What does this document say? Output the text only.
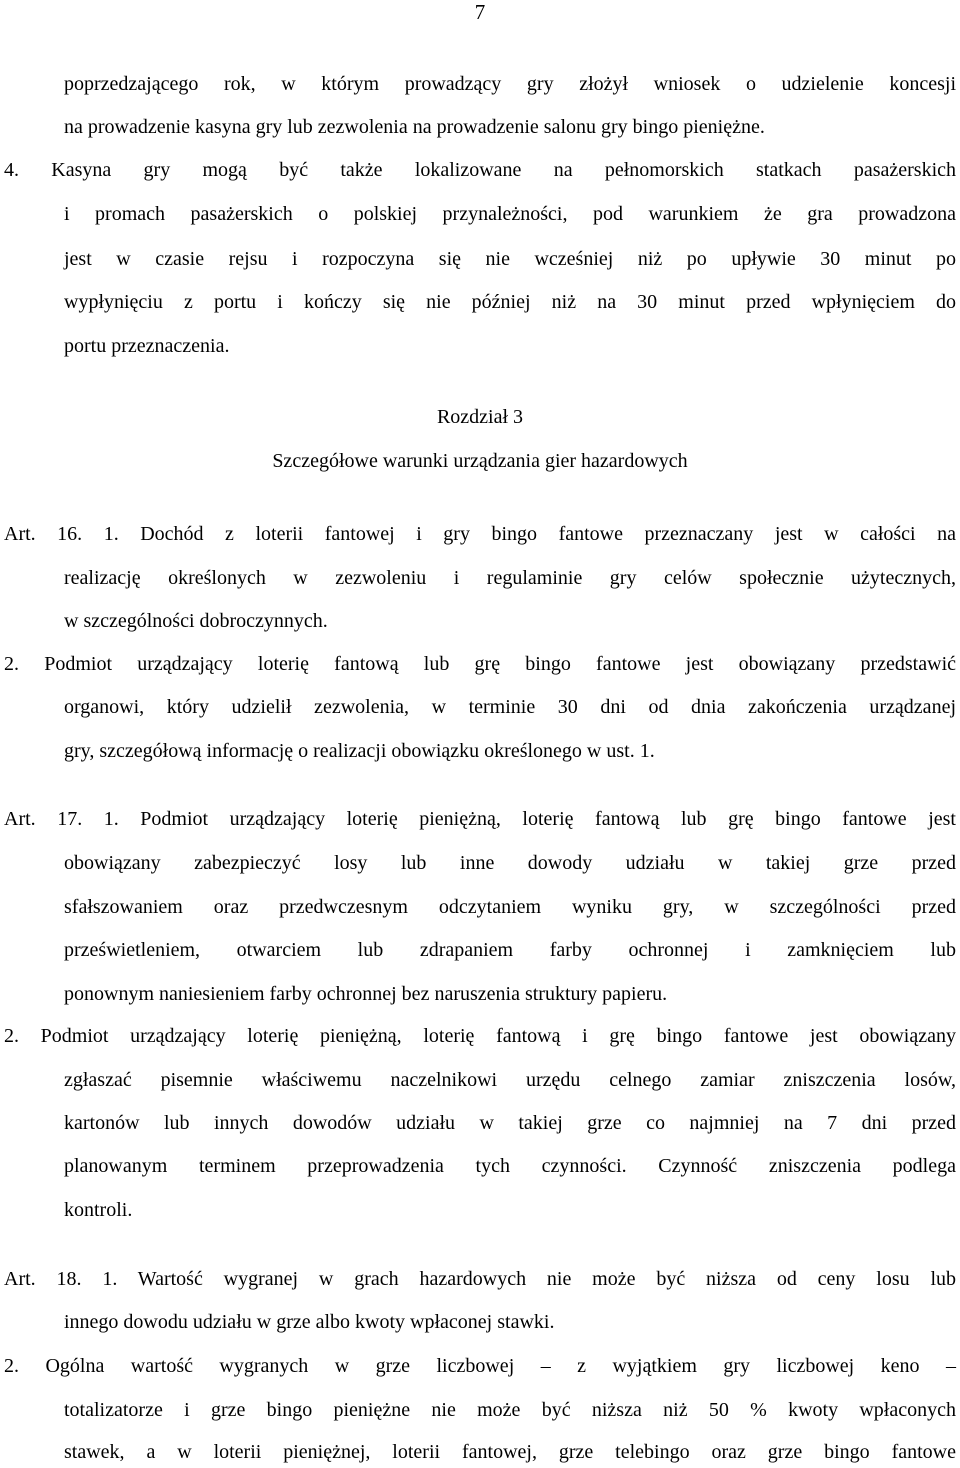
7
poprzedzającego rok, w którym prowadzący gry złożył wniosek o udzielenie koncesji
na prowadzenie kasyna gry lub zezwolenia na prowadzenie salonu gry bingo pieniężne.
4. Kasyna gry mogą być także lokalizowane na pełnomorskich statkach pasażerskich
i promach pasażerskich o polskiej przynależności, pod warunkiem że gra prowadzona
jest w czasie rejsu i rozpoczyna się nie wcześniej niż po upływie 30 minut po
wypłynięciu z portu i kończy się nie później niż na 30 minut przed wpłynięciem do
portu przeznaczenia.
Rozdział 3
Szczegółowe warunki urządzania gier hazardowych
Art. 16. 1. Dochód z loterii fantowej i gry bingo fantowe przeznaczany jest w całości na
realizację określonych w zezwoleniu i regulaminie gry celów społecznie użytecznych,
w szczególności dobroczynnych.
2. Podmiot urządzający loterię fantową lub grę bingo fantowe jest obowiązany przedstawić
organowi, który udzielił zezwolenia, w terminie 30 dni od dnia zakończenia urządzanej
gry, szczegółową informację o realizacji obowiązku określonego w ust. 1.
Art. 17. 1. Podmiot urządzający loterię pieniężną, loterię fantową lub grę bingo fantowe jest
obowiązany zabezpieczyć losy lub inne dowody udziału w takiej grze przed
sfałszowaniem oraz przedwczesnym odczytaniem wyniku gry, w szczególności przed
prześwietleniem, otwarciem lub zdrapaniem farby ochronnej i zamknięciem lub
ponownym naniesieniem farby ochronnej bez naruszenia struktury papieru.
2. Podmiot urządzający loterię pieniężną, loterię fantową i grę bingo fantowe jest obowiązany
zgłaszać pisemnie właściwemu naczelnikowi urzędu celnego zamiar zniszczenia losów,
kartonów lub innych dowodów udziału w takiej grze co najmniej na 7 dni przed
planowanym terminem przeprowadzenia tych czynności. Czynność zniszczenia podlega
kontroli.
Art. 18. 1. Wartość wygranej w grach hazardowych nie może być niższa od ceny losu lub
innego dowodu udziału w grze albo kwoty wpłaconej stawki.
2. Ogólna wartość wygranych w grze liczbowej – z wyjątkiem gry liczbowej keno –
totalizatorze i grze bingo pieniężne nie może być niższa niż 50 % kwoty wpłaconych
stawek, a w loterii pieniężnej, loterii fantowej, grze telebingo oraz grze bingo fantowe
